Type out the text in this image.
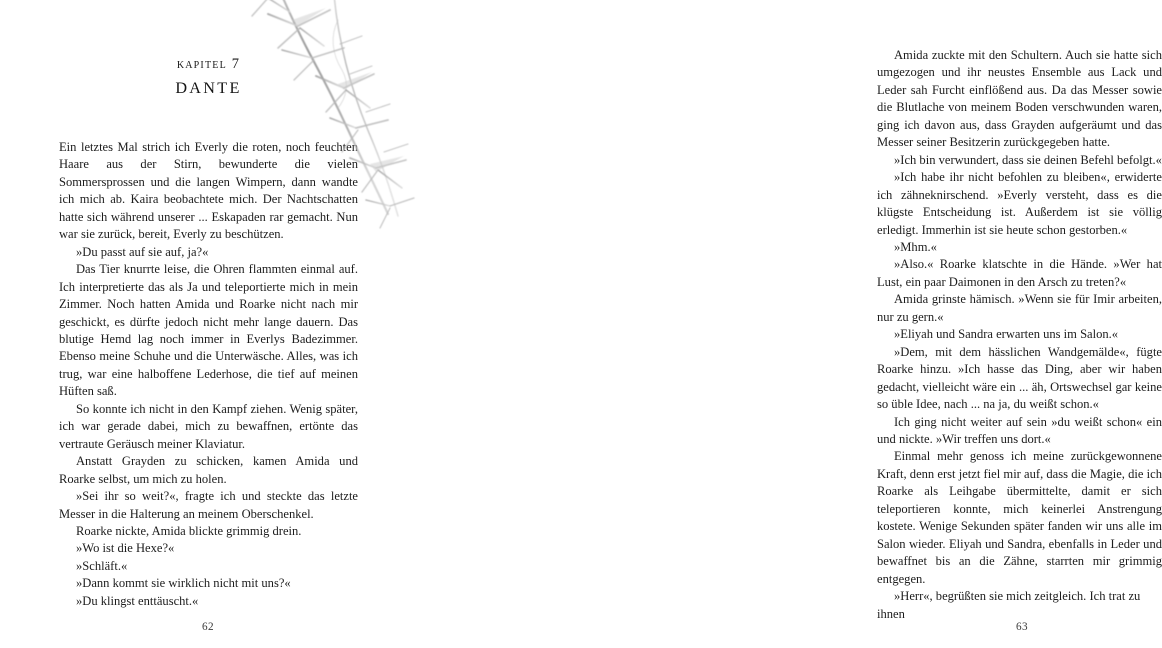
kapitel 7
DANTE

Ein letztes Mal strich ich Everly die roten, noch feuchten Haare aus der Stirn, bewunderte die vielen Sommersprossen und die langen Wimpern, dann wandte ich mich ab. Kaira beobachtete mich. Der Nachtschatten hatte sich während unserer ... Eskapaden rar gemacht. Nun war sie zurück, bereit, Everly zu beschützen.

»Du passt auf sie auf, ja?«

Das Tier knurrte leise, die Ohren flammten einmal auf. Ich interpretierte das als Ja und teleportierte mich in mein Zimmer. Noch hatten Amida und Roarke nicht nach mir geschickt, es dürfte jedoch nicht mehr lange dauern. Das blutige Hemd lag noch immer in Everlys Badezimmer. Ebenso meine Schuhe und die Unterwäsche. Alles, was ich trug, war eine halboffene Lederhose, die tief auf meinen Hüften saß.

So konnte ich nicht in den Kampf ziehen. Wenig später, ich war gerade dabei, mich zu bewaffnen, ertönte das vertraute Geräusch meiner Klaviatur.

Anstatt Grayden zu schicken, kamen Amida und Roarke selbst, um mich zu holen.

»Sei ihr so weit?«, fragte ich und steckte das letzte Messer in die Halterung an meinem Oberschenkel.

Roarke nickte, Amida blickte grimmig drein.

»Wo ist die Hexe?«

»Schläft.«

»Dann kommt sie wirklich nicht mit uns?«

»Du klingst enttäuscht.«

62

Amida zuckte mit den Schultern. Auch sie hatte sich umgezogen und ihr neustes Ensemble aus Lack und Leder sah Furcht einflößend aus. Da das Messer sowie die Blutlache von meinem Boden verschwunden waren, ging ich davon aus, dass Grayden aufgeräumt und das Messer seiner Besitzerin zurückgegeben hatte.

»Ich bin verwundert, dass sie deinen Befehl befolgt.«

»Ich habe ihr nicht befohlen zu bleiben«, erwiderte ich zähneknirschend. »Everly versteht, dass es die klügste Entscheidung ist. Außerdem ist sie völlig erledigt. Immerhin ist sie heute schon gestorben.«

»Mhm.«

»Also.« Roarke klatschte in die Hände. »Wer hat Lust, ein paar Daimonen in den Arsch zu treten?«

Amida grinste hämisch. »Wenn sie für Imir arbeiten, nur zu gern.«

»Eliyah und Sandra erwarten uns im Salon.«

»Dem, mit dem hässlichen Wandgemälde«, fügte Roarke hinzu. »Ich hasse das Ding, aber wir haben gedacht, vielleicht wäre ein ... äh, Ortswechsel gar keine so üble Idee, nach ... na ja, du weißt schon.«

Ich ging nicht weiter auf sein »du weißt schon« ein und nickte. »Wir treffen uns dort.«

Einmal mehr genoss ich meine zurückgewonnene Kraft, denn erst jetzt fiel mir auf, dass die Magie, die ich Roarke als Leihgabe übermittelte, damit er sich teleportieren konnte, mich keinerlei Anstrengung kostete. Wenige Sekunden später fanden wir uns alle im Salon wieder. Eliyah und Sandra, ebenfalls in Leder und bewaffnet bis an die Zähne, starrten mir grimmig entgegen.

»Herr«, begrüßten sie mich zeitgleich. Ich trat zu ihnen

63
